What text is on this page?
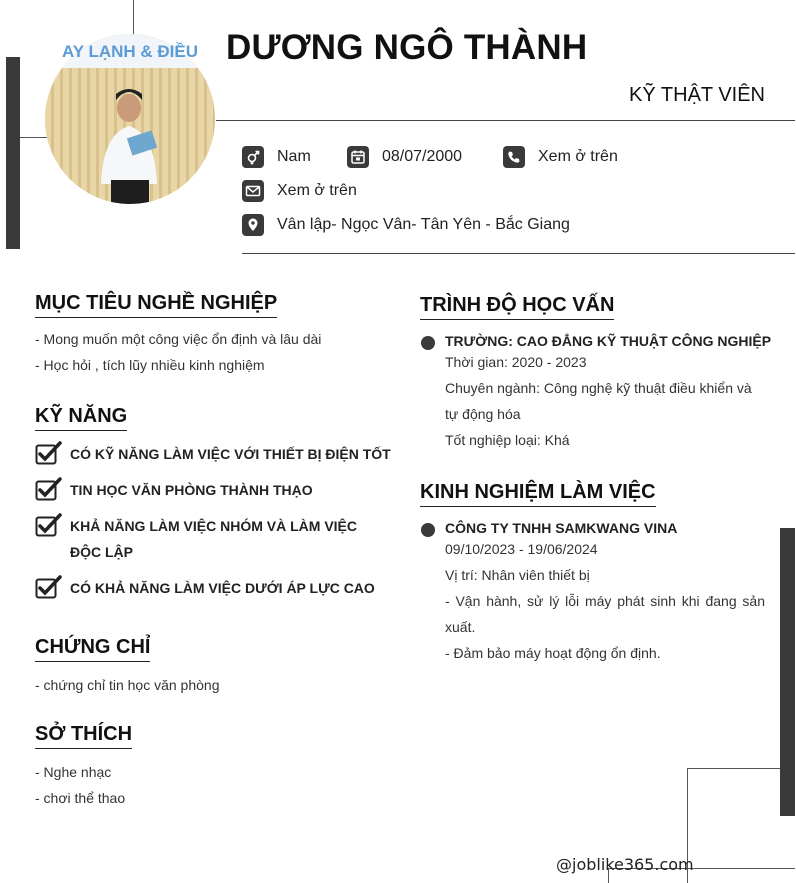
AY LẠNH & ĐIỀU DƯƠNG NGÔ THÀNH
KỸ THẬT VIÊN
Nam	08/07/2000	Xem ở trên
Xem ở trên
Vân lập- Ngọc Vân- Tân Yên - Bắc Giang
MỤC TIÊU NGHỀ NGHIỆP
- Mong muốn một công việc ổn định và lâu dài
- Học hỏi , tích lũy nhiều kinh nghiệm
KỸ NĂNG
CÓ KỸ NĂNG LÀM VIỆC VỚI THIẾT BỊ ĐIỆN TỐT
TIN HỌC VĂN PHÒNG THÀNH THẠO
KHẢ NĂNG LÀM VIỆC NHÓM VÀ LÀM VIỆC ĐỘC LẬP
CÓ KHẢ NĂNG LÀM VIỆC DƯỚI ÁP LỰC CAO
CHỨNG CHỈ
- chứng chỉ tin học văn phòng
SỞ THÍCH
- Nghe nhạc
- chơi thể thao
TRÌNH ĐỘ HỌC VẤN
TRƯỜNG: CAO ĐẲNG KỸ THUẬT CÔNG NGHIỆP
Thời gian: 2020 - 2023
Chuyên ngành: Công nghệ kỹ thuật điều khiển và tự động hóa
Tốt nghiệp loại: Khá
KINH NGHIỆM LÀM VIỆC
CÔNG TY TNHH SAMKWANG VINA
09/10/2023 - 19/06/2024
Vị trí: Nhân viên thiết bị
- Vận hành, sử lý lỗi máy phát sinh khi đang sản xuất.
- Đảm bảo máy hoạt động ổn định.
@joblike365.com
